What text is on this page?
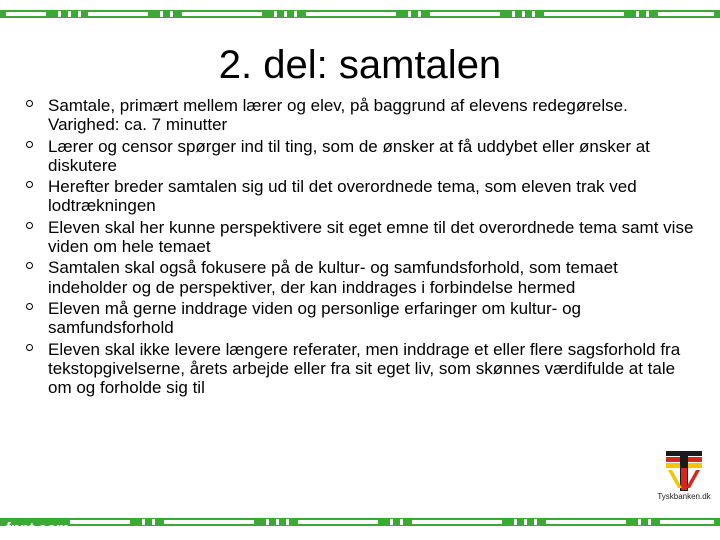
2. del: samtalen
Samtale, primært mellem lærer og elev, på baggrund af elevens redegørelse. Varighed: ca. 7 minutter
Lærer og censor spørger ind til ting, som de ønsker at få uddybet eller ønsker at diskutere
Herefter breder samtalen sig ud til det overordnede tema, som eleven trak ved lodtrækningen
Eleven skal her kunne perspektivere sit eget emne til det overordnede tema samt vise viden om hele temaet
Samtalen skal også fokusere på de kultur- og samfundsforhold, som temaet indeholder og de perspektiver, der kan inddrages i forbindelse hermed
Eleven må gerne inddrage viden og personlige erfaringer om kultur- og samfundsforhold
Eleven skal ikke levere længere referater, men inddrage et eller flere sagsforhold fra tekstopgivelserne, årets arbejde eller fra sit eget liv, som skønnes værdifulde at tale om og forholde sig til
Tyskbanken.dk
fppt.com
